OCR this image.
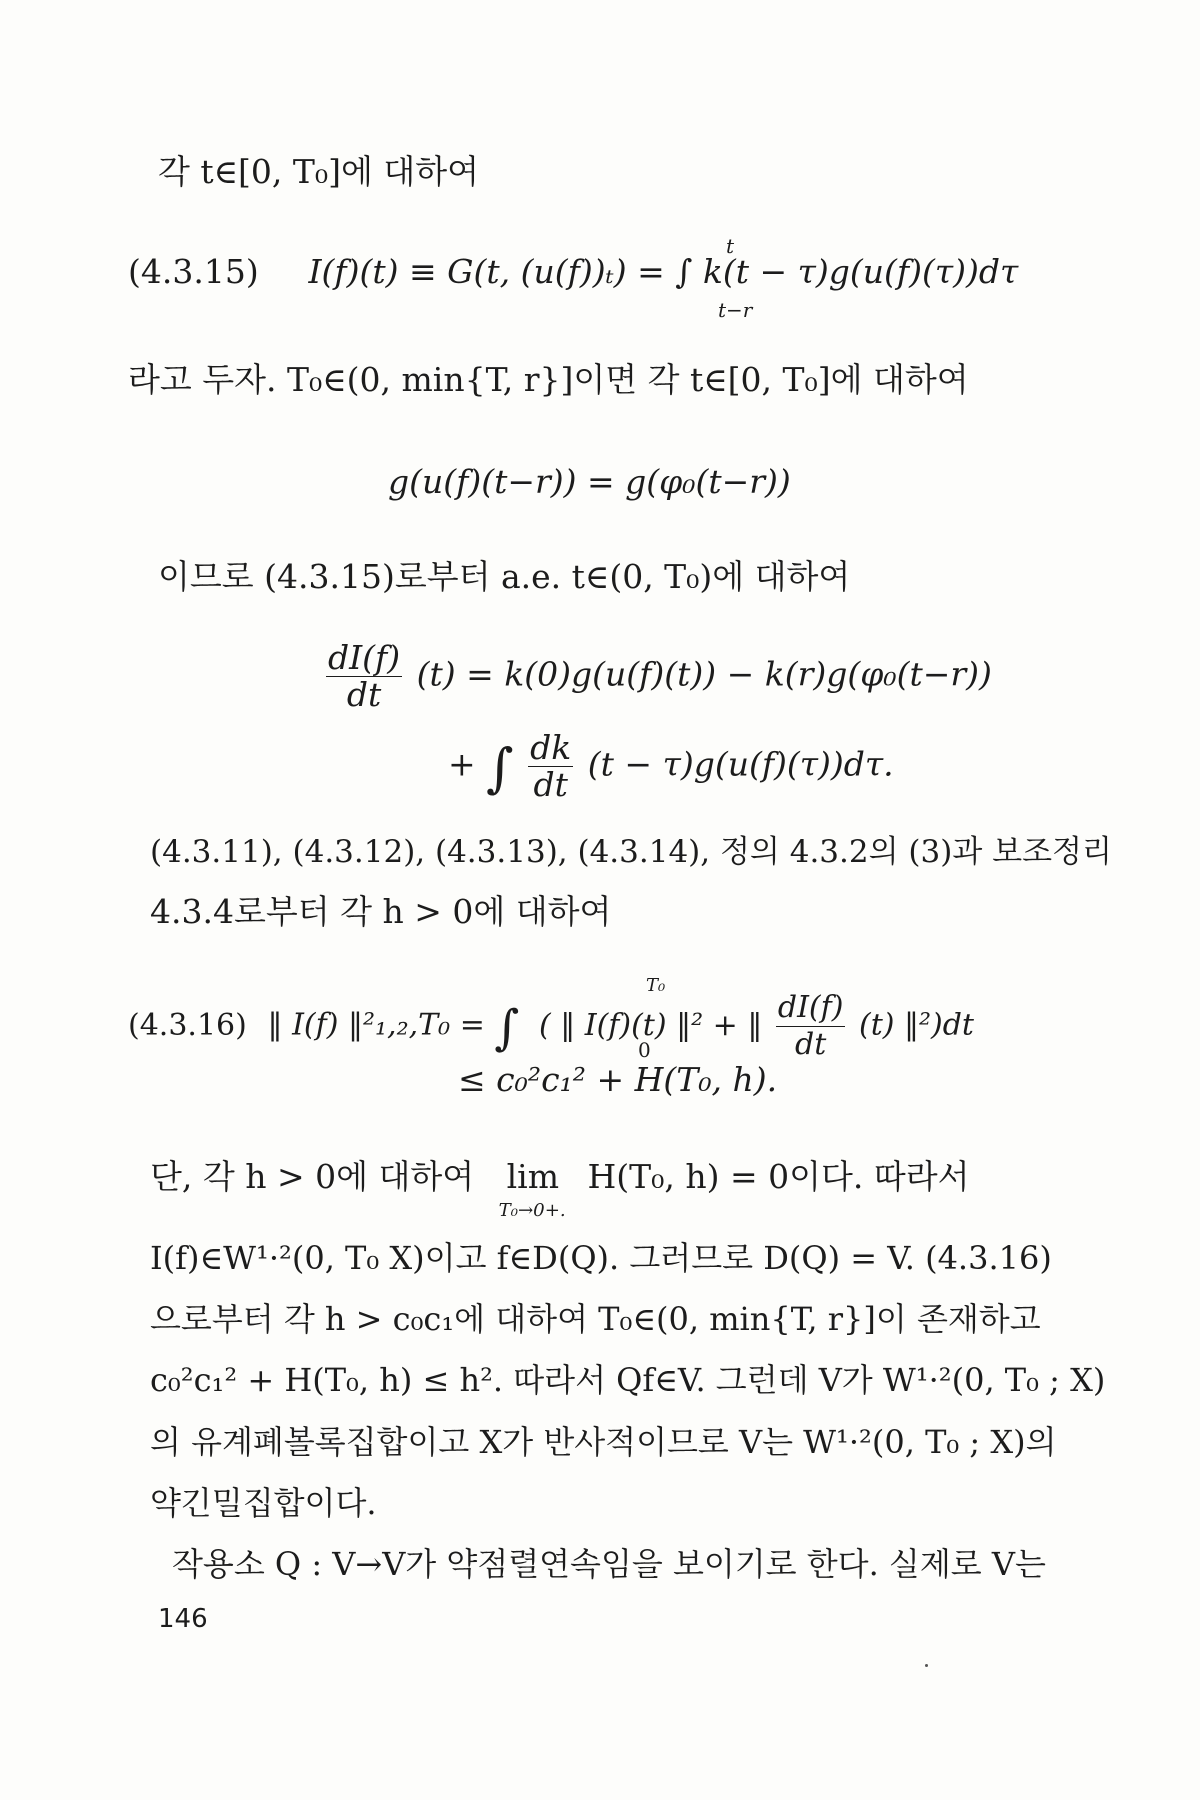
각 t∈[0, T₀]에 대하여
(4.3.15) I(f)(t) ≡ G(t, (u(f))ₜ) = ∫ k(t − τ)g(u(f)(τ))dτ
t
t−r
라고 두자. T₀∈(0, min{T, r}]이면 각 t∈[0, T₀]에 대하여
g(u(f)(t−r)) = g(φ₀(t−r))
이므로 (4.3.15)로부터 a.e. t∈(0, T₀)에 대하여
$\frac{dI(f)}{dt} (t) = k(0)g(u(f)(t)) - k(r)g(\varphi_0(t-r))$
+ ∫ $\frac{dk}{dt} (t - \tau)g(u(f)(\tau))d\tau$.
(4.3.11), (4.3.12), (4.3.13), (4.3.14), 정의 4.3.2의 (3)과 보조정리
4.3.4로부터 각 h > 0에 대하여
(4.3.16) ‖ I(f) ‖²₁,₂,T₀ = ∫
T₀
0
( ‖ I(f)(t) ‖² + ‖ $\frac{dI(f)}{dt} (t)$ ‖²)dt
≤ c₀²c₁² + H(T₀, h).
단, 각 h > 0에 대하여 lim
T₀→0+.
H(T₀, h) = 0이다. 따라서
I(f)∈W¹·²(0, T₀ X)이고 f∈D(Q). 그러므로 D(Q) = V. (4.3.16)
으로부터 각 h > c₀c₁에 대하여 T₀∈(0, min{T, r}]이 존재하고
c₀²c₁² + H(T₀, h) ≤ h². 따라서 Qf∈V. 그런데 V가 W¹·²(0, T₀ ; X)
의 유계폐볼록집합이고 X가 반사적이므로 V는 W¹·²(0, T₀ ; X)의
약긴밀집합이다.
작용소 Q : V→V가 약점렬연속임을 보이기로 한다. 실제로 V는
146
